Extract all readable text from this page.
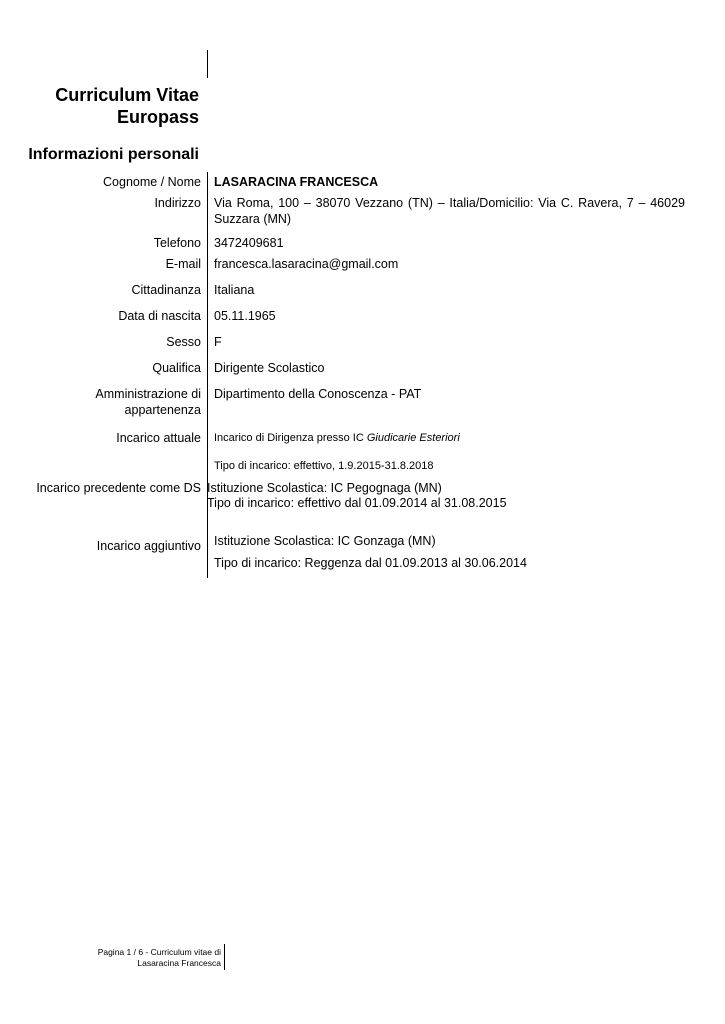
Curriculum Vitae
Europass
Informazioni personali
Cognome / Nome LASARACINA FRANCESCA
Indirizzo Via Roma, 100 – 38070 Vezzano (TN) – Italia/Domicilio: Via C. Ravera, 7 – 46029
Suzzara (MN)
Telefono 3472409681
E-mail francesca.lasaracina@gmail.com
Cittadinanza Italiana
Data di nascita 05.11.1965
Sesso F
Qualifica Dirigente Scolastico
Amministrazione di
appartenenza
Dipartimento della Conoscenza - PAT
Incarico attuale Incarico di Dirigenza presso IC Giudicarie Esteriori
Tipo di incarico: effettivo, 1.9.2015-31.8.2018
Incarico precedente come DS Istituzione Scolastica: IC Pegognaga (MN)
Tipo di incarico: effettivo dal 01.09.2014 al 31.08.2015
Incarico aggiuntivo Istituzione Scolastica: IC Gonzaga (MN)
Tipo di incarico: Reggenza dal 01.09.2013 al 30.06.2014
Pagina 1 / 6 - Curriculum vitae di
Lasaracina Francesca
